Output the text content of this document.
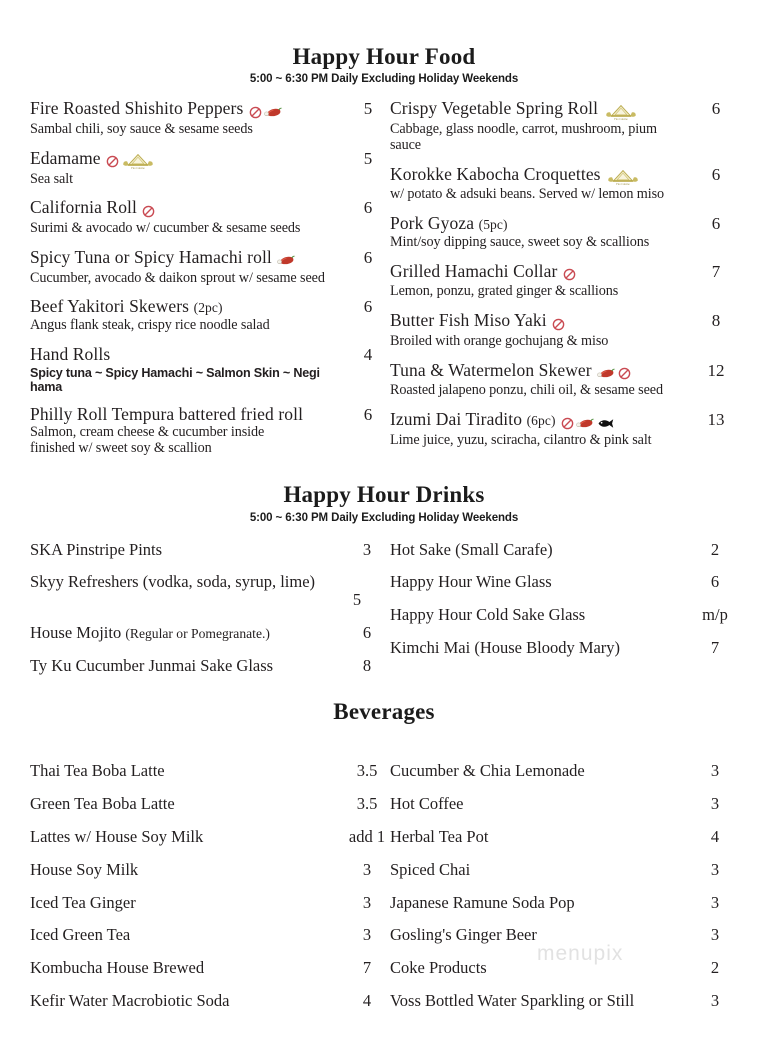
Happy Hour Food
5:00 ~ 6:30 PM Daily Excluding Holiday Weekends
Fire Roasted Shishito Peppers
Sambal chili, soy sauce & sesame seeds
5
Edamame
Fire Cuisine
Sea salt
5
California Roll
Surimi & avocado w/ cucumber & sesame seeds
6
Spicy Tuna or Spicy Hamachi roll
Cucumber, avocado & daikon sprout w/ sesame seed
6
Beef Yakitori Skewers (2pc)
Angus flank steak, crispy rice noodle salad
6
Hand Rolls
Spicy tuna ~ Spicy Hamachi ~ Salmon Skin ~ Negi hama
4
Philly Roll Tempura battered fried roll
Salmon, cream cheese & cucumber inside
finished w/ sweet soy & scallion
6
Crispy Vegetable Spring Roll
Fire Cuisine
Cabbage, glass noodle, carrot, mushroom, pium
sauce
6
Korokke Kabocha Croquettes
Fire Cuisine
w/ potato & adsuki beans. Served w/ lemon miso
6
Pork Gyoza (5pc)
Mint/soy dipping sauce, sweet soy & scallions
6
Grilled Hamachi Collar
Lemon, ponzu, grated ginger & scallions
7
Butter Fish Miso Yaki
Broiled with orange gochujang & miso
8
Tuna & Watermelon Skewer
Roasted jalapeno ponzu, chili oil, & sesame seed
12
Izumi Dai Tiradito (6pc)
Lime juice, yuzu, sciracha, cilantro & pink salt
13
Happy Hour Drinks
5:00 ~ 6:30 PM Daily Excluding Holiday Weekends
SKA Pinstripe Pints	3
Skyy Refreshers (vodka, soda, syrup, lime)
5
House Mojito (Regular or Pomegranate.)	6
Ty Ku Cucumber Junmai Sake Glass	8
Hot Sake (Small Carafe)	2
Happy Hour Wine Glass	6
Happy Hour Cold Sake Glass	m/p
Kimchi Mai (House Bloody Mary)	7
Beverages
Thai Tea Boba Latte	3.5
Green Tea Boba Latte	3.5
Lattes w/ House Soy Milk	add 1
House Soy Milk	3
Iced Tea Ginger	3
Iced Green Tea	3
Kombucha House Brewed	7
Kefir Water Macrobiotic Soda	4
Cucumber & Chia Lemonade	3
Hot Coffee	3
Herbal Tea Pot	4
Spiced Chai	3
Japanese Ramune Soda Pop	3
Gosling's Ginger Beer	3
Coke Products	2
Voss Bottled Water Sparkling or Still	3
menupix
